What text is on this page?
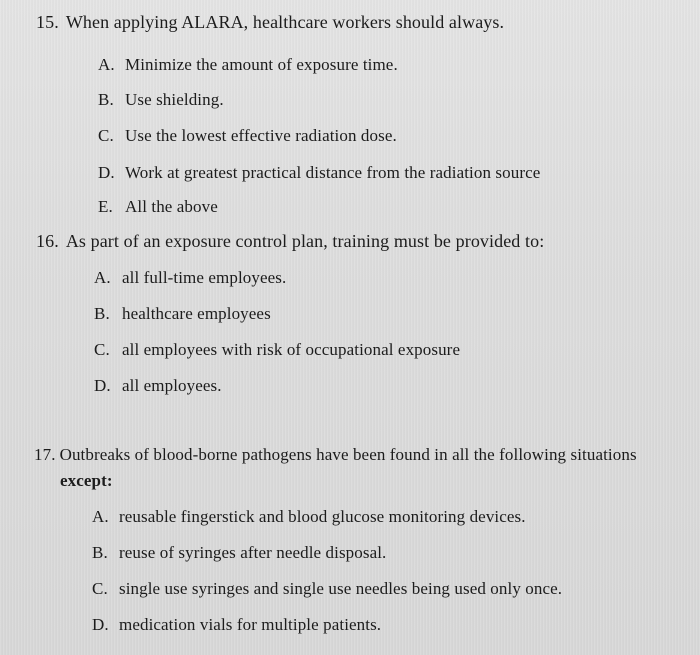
15. When applying ALARA, healthcare workers should always.
A. Minimize the amount of exposure time.
B. Use shielding.
C. Use the lowest effective radiation dose.
D. Work at greatest practical distance from the radiation source
E. All the above
16. As part of an exposure control plan, training must be provided to:
A. all full-time employees.
B. healthcare employees
C. all employees with risk of occupational exposure
D. all employees.
17. Outbreaks of blood-borne pathogens have been found in all the following situations
except:
A. reusable fingerstick and blood glucose monitoring devices.
B. reuse of syringes after needle disposal.
C. single use syringes and single use needles being used only once.
D. medication vials for multiple patients.
